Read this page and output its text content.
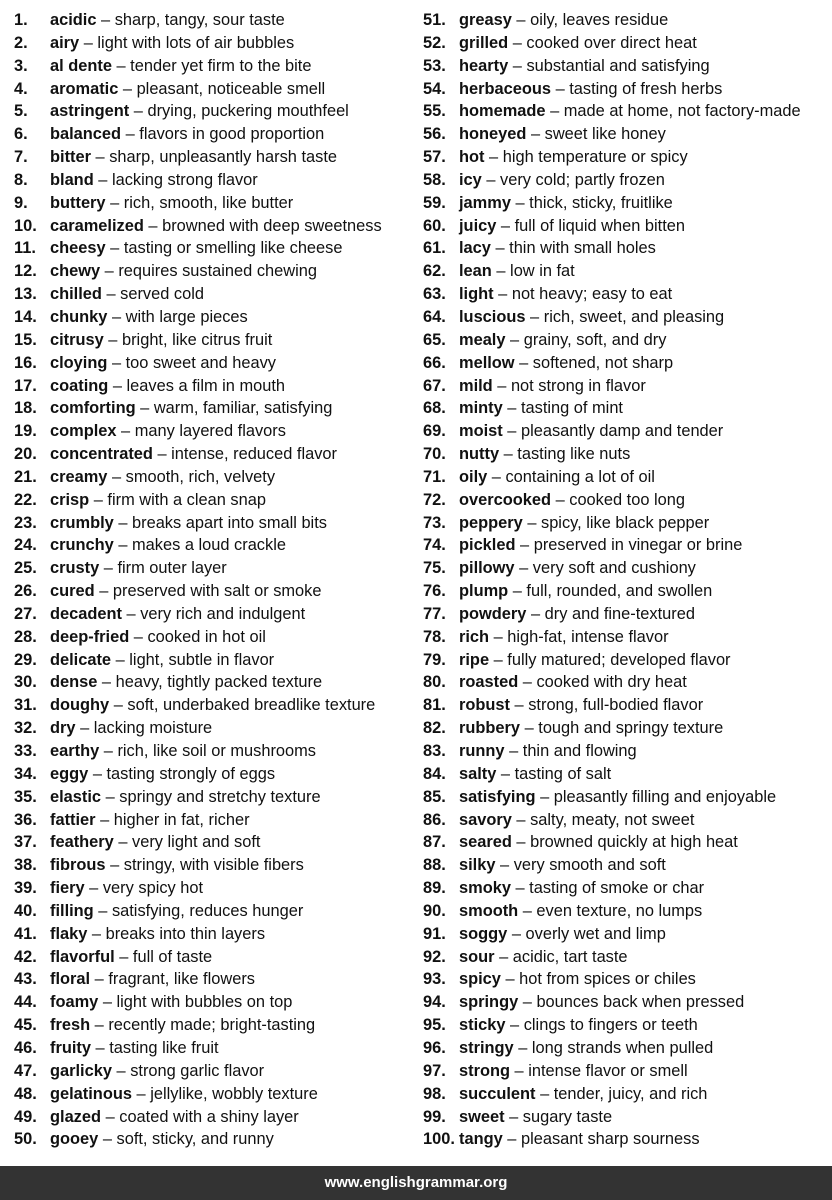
1. acidic – sharp, tangy, sour taste
2. airy – light with lots of air bubbles
3. al dente – tender yet firm to the bite
4. aromatic – pleasant, noticeable smell
5. astringent – drying, puckering mouthfeel
6. balanced – flavors in good proportion
7. bitter – sharp, unpleasantly harsh taste
8. bland – lacking strong flavor
9. buttery – rich, smooth, like butter
10. caramelized – browned with deep sweetness
11. cheesy – tasting or smelling like cheese
12. chewy – requires sustained chewing
13. chilled – served cold
14. chunky – with large pieces
15. citrusy – bright, like citrus fruit
16. cloying – too sweet and heavy
17. coating – leaves a film in mouth
18. comforting – warm, familiar, satisfying
19. complex – many layered flavors
20. concentrated – intense, reduced flavor
21. creamy – smooth, rich, velvety
22. crisp – firm with a clean snap
23. crumbly – breaks apart into small bits
24. crunchy – makes a loud crackle
25. crusty – firm outer layer
26. cured – preserved with salt or smoke
27. decadent – very rich and indulgent
28. deep-fried – cooked in hot oil
29. delicate – light, subtle in flavor
30. dense – heavy, tightly packed texture
31. doughy – soft, underbaked breadlike texture
32. dry – lacking moisture
33. earthy – rich, like soil or mushrooms
34. eggy – tasting strongly of eggs
35. elastic – springy and stretchy texture
36. fattier – higher in fat, richer
37. feathery – very light and soft
38. fibrous – stringy, with visible fibers
39. fiery – very spicy hot
40. filling – satisfying, reduces hunger
41. flaky – breaks into thin layers
42. flavorful – full of taste
43. floral – fragrant, like flowers
44. foamy – light with bubbles on top
45. fresh – recently made; bright-tasting
46. fruity – tasting like fruit
47. garlicky – strong garlic flavor
48. gelatinous – jellylike, wobbly texture
49. glazed – coated with a shiny layer
50. gooey – soft, sticky, and runny
51. greasy – oily, leaves residue
52. grilled – cooked over direct heat
53. hearty – substantial and satisfying
54. herbaceous – tasting of fresh herbs
55. homemade – made at home, not factory-made
56. honeyed – sweet like honey
57. hot – high temperature or spicy
58. icy – very cold; partly frozen
59. jammy – thick, sticky, fruitlike
60. juicy – full of liquid when bitten
61. lacy – thin with small holes
62. lean – low in fat
63. light – not heavy; easy to eat
64. luscious – rich, sweet, and pleasing
65. mealy – grainy, soft, and dry
66. mellow – softened, not sharp
67. mild – not strong in flavor
68. minty – tasting of mint
69. moist – pleasantly damp and tender
70. nutty – tasting like nuts
71. oily – containing a lot of oil
72. overcooked – cooked too long
73. peppery – spicy, like black pepper
74. pickled – preserved in vinegar or brine
75. pillowy – very soft and cushiony
76. plump – full, rounded, and swollen
77. powdery – dry and fine-textured
78. rich – high-fat, intense flavor
79. ripe – fully matured; developed flavor
80. roasted – cooked with dry heat
81. robust – strong, full-bodied flavor
82. rubbery – tough and springy texture
83. runny – thin and flowing
84. salty – tasting of salt
85. satisfying – pleasantly filling and enjoyable
86. savory – salty, meaty, not sweet
87. seared – browned quickly at high heat
88. silky – very smooth and soft
89. smoky – tasting of smoke or char
90. smooth – even texture, no lumps
91. soggy – overly wet and limp
92. sour – acidic, tart taste
93. spicy – hot from spices or chiles
94. springy – bounces back when pressed
95. sticky – clings to fingers or teeth
96. stringy – long strands when pulled
97. strong – intense flavor or smell
98. succulent – tender, juicy, and rich
99. sweet – sugary taste
100. tangy – pleasant sharp sourness
www.englishgrammar.org
